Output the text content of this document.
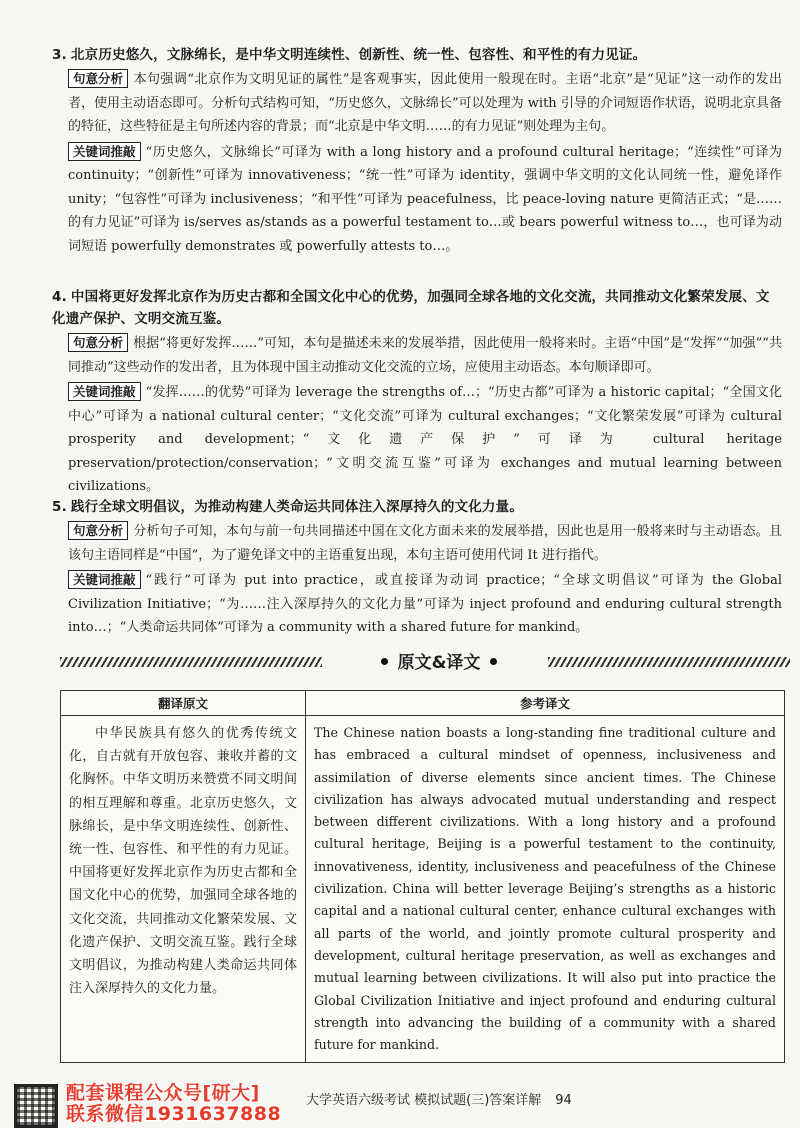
3. 北京历史悠久，文脉绵长，是中华文明连续性、创新性、统一性、包容性、和平性的有力见证。

句意分析 本句强调“北京作为文明见证的属性”是客观事实，因此使用一般现在时。主语“北京”是“见证”这一动作的发出者，使用主动语态即可。分析句式结构可知，“历史悠久，文脉绵长”可以处理为 with 引导的介词短语作状语，说明北京具备的特征，这些特征是主句所述内容的背景；而“北京是中华文明……的有力见证”则处理为主句。

关键词推敲 “历史悠久，文脉绵长”可译为 with a long history and a profound cultural heritage；“连续性”可译为 continuity；“创新性”可译为 innovativeness；“统一性”可译为 identity，强调中华文明的文化认同统一性，避免译作 unity；“包容性”可译为 inclusiveness；“和平性”可译为 peacefulness，比 peace-loving nature 更简洁正式；“是……的有力见证”可译为 is/serves as/stands as a powerful testament to…或 bears powerful witness to…，也可译为动词短语 powerfully demonstrates 或 powerfully attests to…。

4. 中国将更好发挥北京作为历史古都和全国文化中心的优势，加强同全球各地的文化交流，共同推动文化繁荣发展、文化遗产保护、文明交流互鉴。

句意分析 根据“将更好发挥……”可知，本句是描述未来的发展举措，因此使用一般将来时。主语“中国”是“发挥”“加强”“共同推动”这些动作的发出者，且为体现中国主动推动文化交流的立场，应使用主动语态。本句顺译即可。

关键词推敲 “发挥……的优势”可译为 leverage the strengths of…；“历史古都”可译为 a historic capital；“全国文化中心”可译为 a national cultural center；“文化交流”可译为 cultural exchanges；“文化繁荣发展”可译为 cultural prosperity and development；“文化遗产保护”可译为 cultural heritage preservation/protection/conservation；“文明交流互鉴”可译为 exchanges and mutual learning between civilizations。

5. 践行全球文明倡议，为推动构建人类命运共同体注入深厚持久的文化力量。

句意分析 分析句子可知，本句与前一句共同描述中国在文化方面未来的发展举措，因此也是用一般将来时与主动语态。且该句主语同样是“中国”，为了避免译文中的主语重复出现，本句主语可使用代词 It 进行指代。

关键词推敲 “践行”可译为 put into practice，或直接译为动词 practice；“全球文明倡议”可译为 the Global Civilization Initiative；“为……注入深厚持久的文化力量”可译为 inject profound and enduring cultural strength into…；“人类命运共同体”可译为 a community with a shared future for mankind。

原文&译文
翻译原文	参考译文
中华民族具有悠久的优秀传统文化，自古就有开放包容、兼收并蓄的文化胸怀。中华文明历来赞赏不同文明间的相互理解和尊重。北京历史悠久，文脉绵长，是中华文明连续性、创新性、统一性、包容性、和平性的有力见证。中国将更好发挥北京作为历史古都和全国文化中心的优势，加强同全球各地的文化交流，共同推动文化繁荣发展、文化遗产保护、文明交流互鉴。践行全球文明倡议，为推动构建人类命运共同体注入深厚持久的文化力量。	The Chinese nation boasts a long-standing fine traditional culture and has embraced a cultural mindset of openness, inclusiveness and assimilation of diverse elements since ancient times. The Chinese civilization has always advocated mutual understanding and respect between different civilizations. With a long history and a profound cultural heritage, Beijing is a powerful testament to the continuity, innovativeness, identity, inclusiveness and peacefulness of the Chinese civilization. China will better leverage Beijing’s strengths as a historic capital and a national cultural center, enhance cultural exchanges with all parts of the world, and jointly promote cultural prosperity and development, cultural heritage preservation, as well as exchanges and mutual learning between civilizations. It will also put into practice the Global Civilization Initiative and inject profound and enduring cultural strength into advancing the building of a community with a shared future for mankind.
配套课程公众号[研大]
联系微信1931637888
大学英语六级考试 模拟试题(三)答案详解 94
